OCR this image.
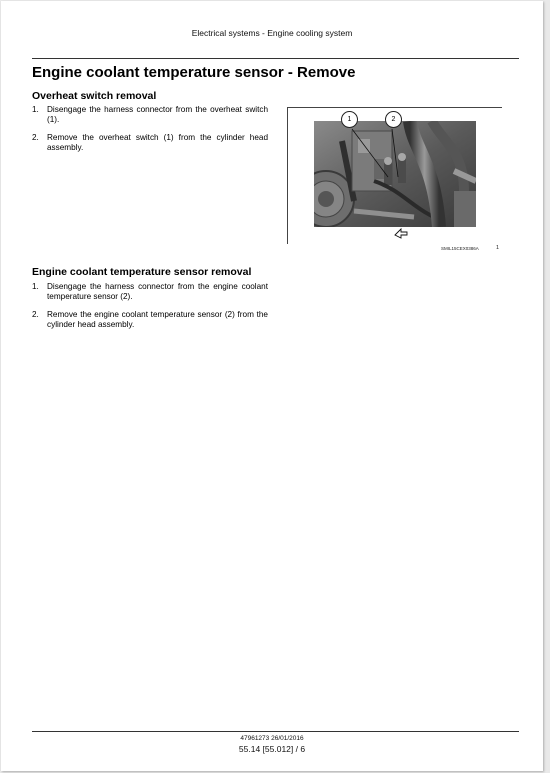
Electrical systems - Engine cooling system
Engine coolant temperature sensor - Remove
Overheat switch removal
1. Disengage the harness connector from the overheat switch (1).
2. Remove the overheat switch (1) from the cylinder head assembly.
1	2
SMIL15CEX0386A	1
Engine coolant temperature sensor removal
1. Disengage the harness connector from the engine coolant temperature sensor (2).
2. Remove the engine coolant temperature sensor (2) from the cylinder head assembly.
47961273 26/01/2016
55.14 [55.012] / 6
